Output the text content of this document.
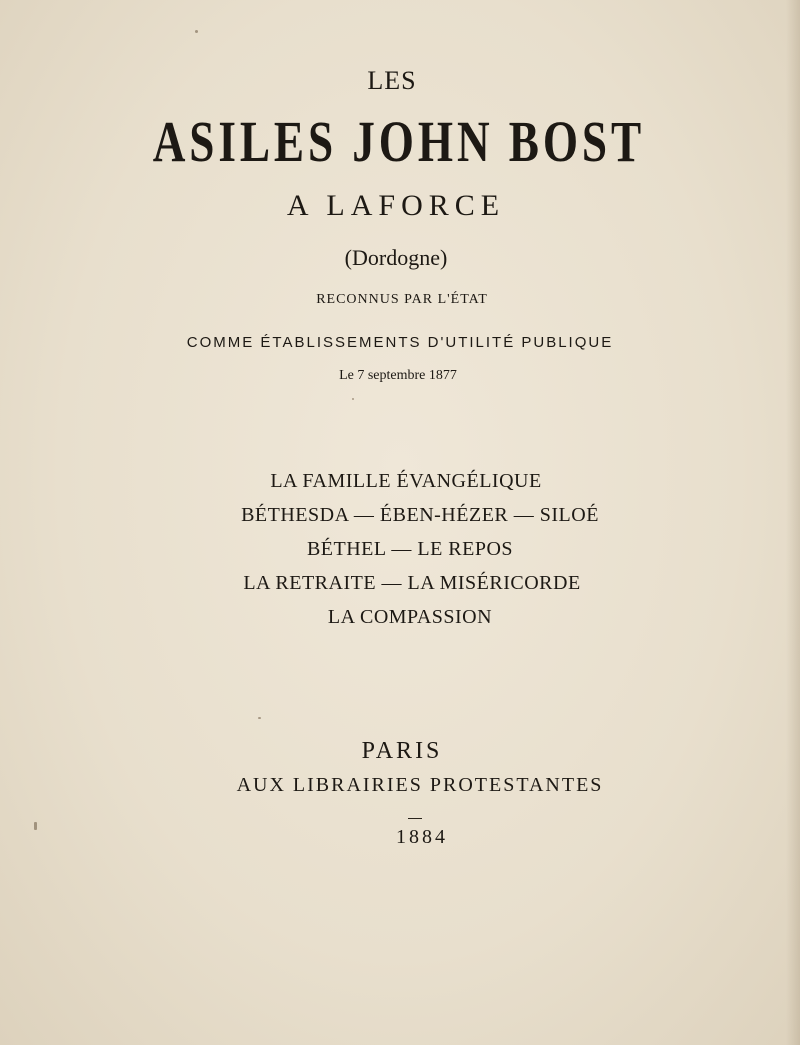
LES
ASILES JOHN BOST
A LAFORCE
(Dordogne)
RECONNUS PAR L'ÉTAT
COMME ÉTABLISSEMENTS D'UTILITÉ PUBLIQUE
Le 7 septembre 1877
LA FAMILLE ÉVANGÉLIQUE
BÉTHESDA — ÉBEN-HÉZER — SILOÉ
BÉTHEL — LE REPOS
LA RETRAITE — LA MISÉRICORDE
LA COMPASSION
PARIS
AUX LIBRAIRIES PROTESTANTES
1884
